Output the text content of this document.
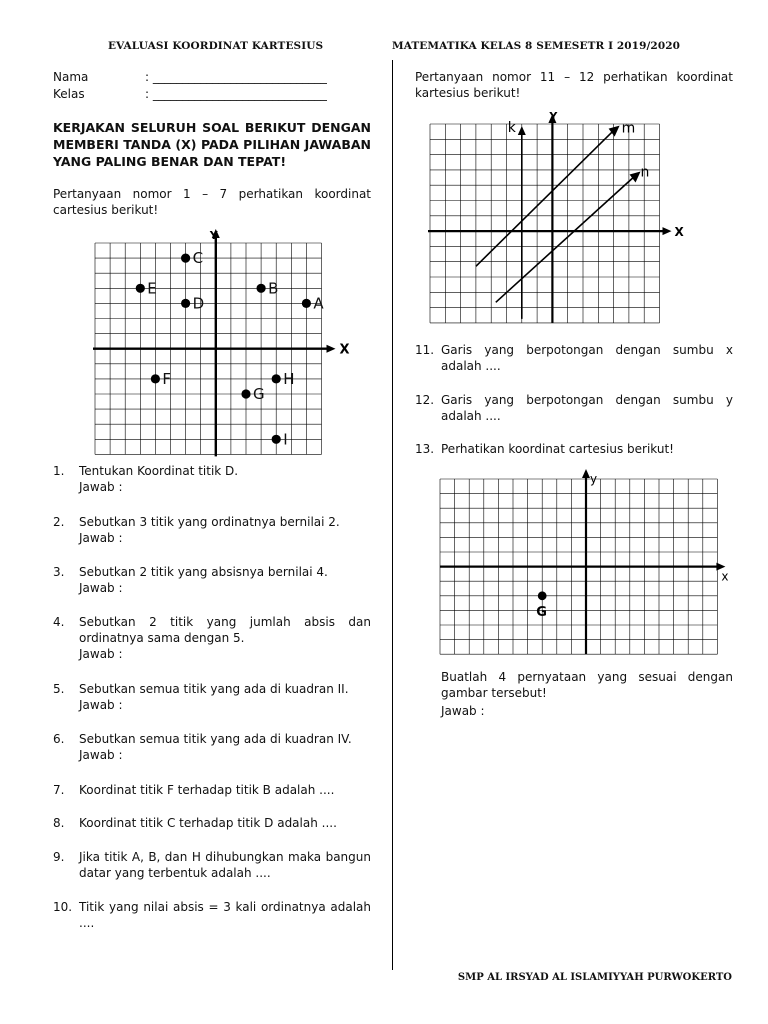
EVALUASI KOORDINAT KARTESIUS	MATEMATIKA KELAS 8 SEMESETR I 2019/2020
Nama	: _____________________________
Kelas	: _____________________________
KERJAKAN SELURUH SOAL BERIKUT DENGAN MEMBERI TANDA (X) PADA PILIHAN JAWABAN YANG PALING BENAR DAN TEPAT!
Pertanyaan nomor 1 – 7 perhatikan koordinat cartesius berikut!
A
B
C
D
E
F
G
H
I
X
Y
1. Tentukan Koordinat titik D.
Jawab :
2. Sebutkan 3 titik yang ordinatnya bernilai 2.
Jawab :
3. Sebutkan 2 titik yang absisnya bernilai 4.
Jawab :
4. Sebutkan 2 titik yang jumlah absis dan ordinatnya sama dengan 5.
Jawab :
5. Sebutkan semua titik yang ada di kuadran II.
Jawab :
6. Sebutkan semua titik yang ada di kuadran IV.
Jawab :
7. Koordinat titik F terhadap titik B adalah ....
8. Koordinat titik C terhadap titik D adalah ....
9. Jika titik A, B, dan H dihubungkan maka bangun datar yang terbentuk adalah ....
10. Titik yang nilai absis = 3 kali ordinatnya adalah ....
Pertanyaan nomor 11 – 12 perhatikan koordinat kartesius berikut!
k	m
n
X
Y
11. Garis yang berpotongan dengan sumbu x adalah ....
12. Garis yang berpotongan dengan sumbu y adalah ....
13. Perhatikan koordinat cartesius berikut!
G
x
y
Buatlah 4 pernyataan yang sesuai dengan gambar tersebut!
Jawab :
SMP AL IRSYAD AL ISLAMIYYAH PURWOKERTO
